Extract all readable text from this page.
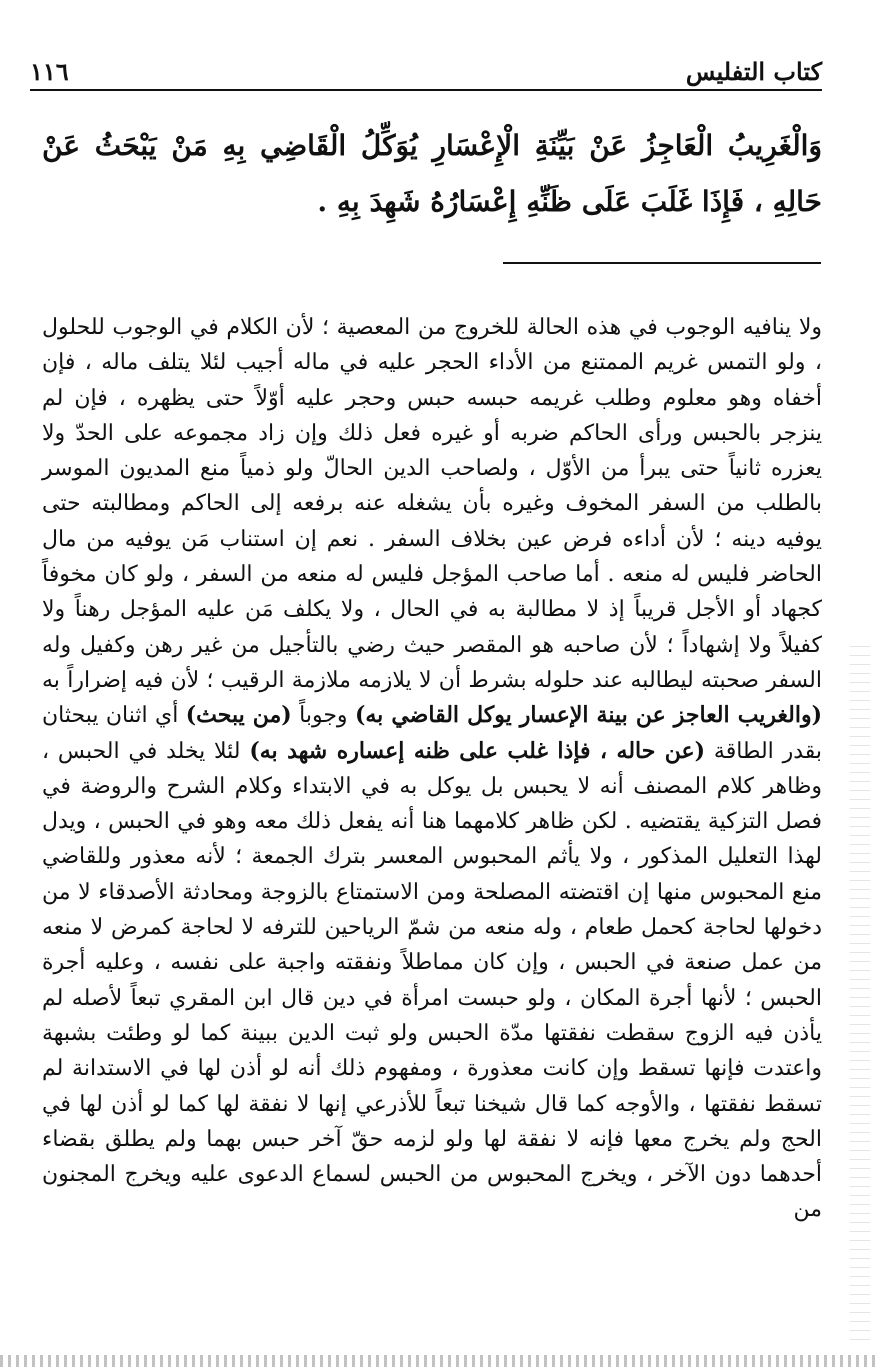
كتاب التفليس
١١٦
وَالْغَرِيبُ الْعَاجِزُ عَنْ بَيِّنَةِ الْإِعْسَارِ يُوَكِّلُ الْقَاضِي بِهِ مَنْ يَبْحَثُ عَنْ حَالِهِ ، فَإِذَا غَلَبَ عَلَى ظَنِّهِ إِعْسَارُهُ شَهِدَ بِهِ .
ولا ينافيه الوجوب في هذه الحالة للخروج من المعصية ؛ لأن الكلام في الوجوب للحلول ، ولو التمس غريم الممتنع من الأداء الحجر عليه في ماله أجيب لئلا يتلف ماله ، فإن أخفاه وهو معلوم وطلب غريمه حبسه حبس وحجر عليه أوّلاً حتى يظهره ، فإن لم ينزجر بالحبس ورأى الحاكم ضربه أو غيره فعل ذلك وإن زاد مجموعه على الحدّ ولا يعزره ثانياً حتى يبرأ من الأوّل ، ولصاحب الدين الحالّ ولو ذمياً منع المديون الموسر بالطلب من السفر المخوف وغيره بأن يشغله عنه برفعه إلى الحاكم ومطالبته حتى يوفيه دينه ؛ لأن أداءه فرض عين بخلاف السفر . نعم إن استناب مَن يوفيه من مال الحاضر فليس له منعه . أما صاحب المؤجل فليس له منعه من السفر ، ولو كان مخوفاً كجهاد أو الأجل قريباً إذ لا مطالبة به في الحال ، ولا يكلف مَن عليه المؤجل رهناً ولا كفيلاً ولا إشهاداً ؛ لأن صاحبه هو المقصر حيث رضي بالتأجيل من غير رهن وكفيل وله السفر صحبته ليطالبه عند حلوله بشرط أن لا يلازمه ملازمة الرقيب ؛ لأن فيه إضراراً به (والغريب العاجز عن بينة الإعسار يوكل القاضي به) وجوباً (من يبحث) أي اثنان يبحثان بقدر الطاقة (عن حاله ، فإذا غلب على ظنه إعساره شهد به) لئلا يخلد في الحبس ، وظاهر كلام المصنف أنه لا يحبس بل يوكل به في الابتداء وكلام الشرح والروضة في فصل التزكية يقتضيه . لكن ظاهر كلامهما هنا أنه يفعل ذلك معه وهو في الحبس ، ويدل لهذا التعليل المذكور ، ولا يأثم المحبوس المعسر بترك الجمعة ؛ لأنه معذور وللقاضي منع المحبوس منها إن اقتضته المصلحة ومن الاستمتاع بالزوجة ومحادثة الأصدقاء لا من دخولها لحاجة كحمل طعام ، وله منعه من شمّ الرياحين للترفه لا لحاجة كمرض لا منعه من عمل صنعة في الحبس ، وإن كان مماطلاً ونفقته واجبة على نفسه ، وعليه أجرة الحبس ؛ لأنها أجرة المكان ، ولو حبست امرأة في دين قال ابن المقري تبعاً لأصله لم يأذن فيه الزوج سقطت نفقتها مدّة الحبس ولو ثبت الدين ببينة كما لو وطئت بشبهة واعتدت فإنها تسقط وإن كانت معذورة ، ومفهوم ذلك أنه لو أذن لها في الاستدانة لم تسقط نفقتها ، والأوجه كما قال شيخنا تبعاً للأذرعي إنها لا نفقة لها كما لو أذن لها في الحج ولم يخرج معها فإنه لا نفقة لها ولو لزمه حقّ آخر حبس بهما ولم يطلق بقضاء أحدهما دون الآخر ، ويخرج المحبوس من الحبس لسماع الدعوى عليه ويخرج المجنون من
